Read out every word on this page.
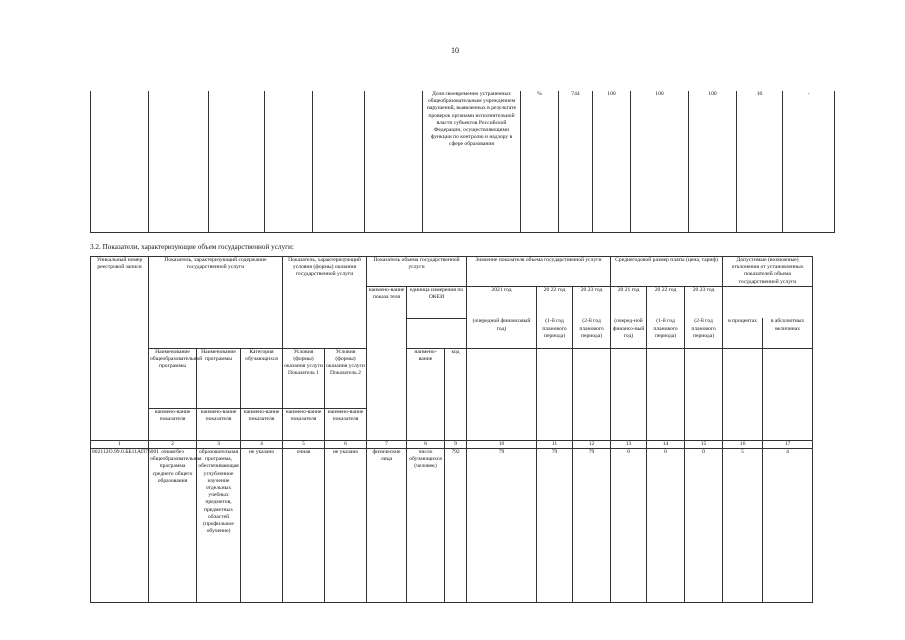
10
						Доля своевременно устраненных общеобразовательным учреждением нарушений, выявленных в результате проверок органами исполнительной власти субъектов Российской Федерации, осуществляющими функции по контролю и надзору в сфере образования	%	744	100	100	100	10	-
3.2. Показатели, характеризующие объем государственной услуги:
Уникальный номер реестровой записи	Показатель, характеризующий содержание государственной услуги			Показатель, характеризующий условия (формы) оказания государственной услуги		Показатель объема государственной услуги			Значение показателя объема государственной услуги			Среднегодовой размер платы (цена, тариф)			Допустимые (возможные) отклонения от установленных показателей объема государственной услуги	
						наимено-вание показа теля	единица измерения по ОКЕИ		2021 год	20 22 год	20 23 год	20 21 год	20 22 год	20 23 год		
									(очередной финансовый год)	(1-й год планового периода)	(2-й год планового периода)	(очеред-ной финансо-вый год)	(1-й год планового периода)	(2-й год планового периода)	в процентах	в абсолютных величинах
	Наименование общеобразовательной программы	Наименование программы	Категория обучающихся	Условия (формы) оказания услуги Показатель 1	Условия (формы) оказания услуги Показатель 2		наимено-вание	код								
	наимено-вание показателя	наимено-вание показателя	наимено-вание показателя	наимено-вание показателя	наимено-вание показателя											
1	2	3	4	5	6	7	8	9	10	11	12	13	14	15	16	17
802112О.99.0.ББ11АП76001	очная/без общеобразовательная программа среднего общего образования	образовательная программа, обеспечивающая углубленное изучение отдельных учебных предметов, предметных областей (профильное обучение)	не указано	очная	не указано	физические лица	число обучающихся (человек)	792	79	79	79	0	0	0	5	4
